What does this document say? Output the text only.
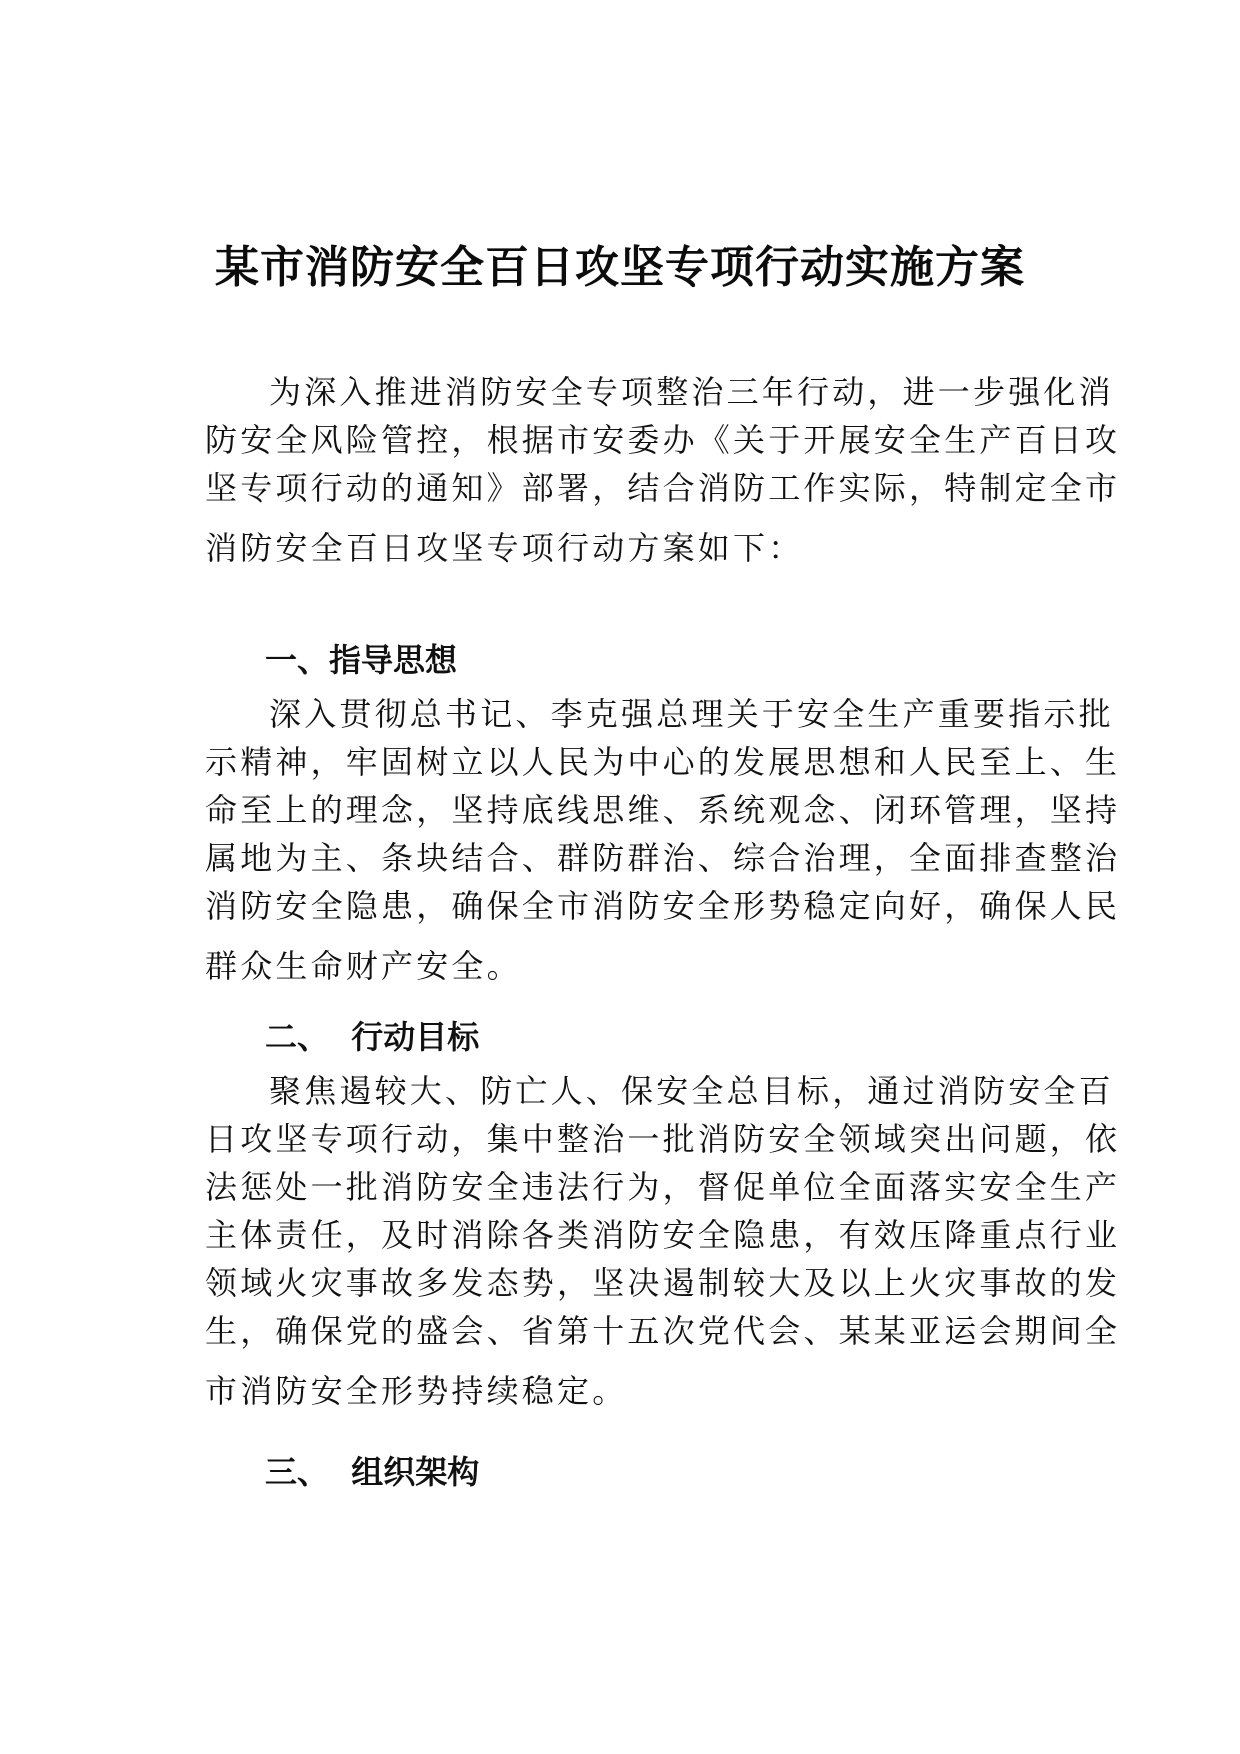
某市消防安全百日攻坚专项行动实施方案
为深入推进消防安全专项整治三年行动，进一步强化消
防安全风险管控，根据市安委办《关于开展安全生产百日攻
坚专项行动的通知》部署，结合消防工作实际，特制定全市
消防安全百日攻坚专项行动方案如下：
一、指导思想
深入贯彻总书记、李克强总理关于安全生产重要指示批
示精神，牢固树立以人民为中心的发展思想和人民至上、生
命至上的理念，坚持底线思维、系统观念、闭环管理，坚持
属地为主、条块结合、群防群治、综合治理，全面排查整治
消防安全隐患，确保全市消防安全形势稳定向好，确保人民
群众生命财产安全。
二、  行动目标
聚焦遏较大、防亡人、保安全总目标，通过消防安全百
日攻坚专项行动，集中整治一批消防安全领域突出问题，依
法惩处一批消防安全违法行为，督促单位全面落实安全生产
主体责任，及时消除各类消防安全隐患，有效压降重点行业
领域火灾事故多发态势，坚决遏制较大及以上火灾事故的发
生，确保党的盛会、省第十五次党代会、某某亚运会期间全
市消防安全形势持续稳定。
三、  组织架构
